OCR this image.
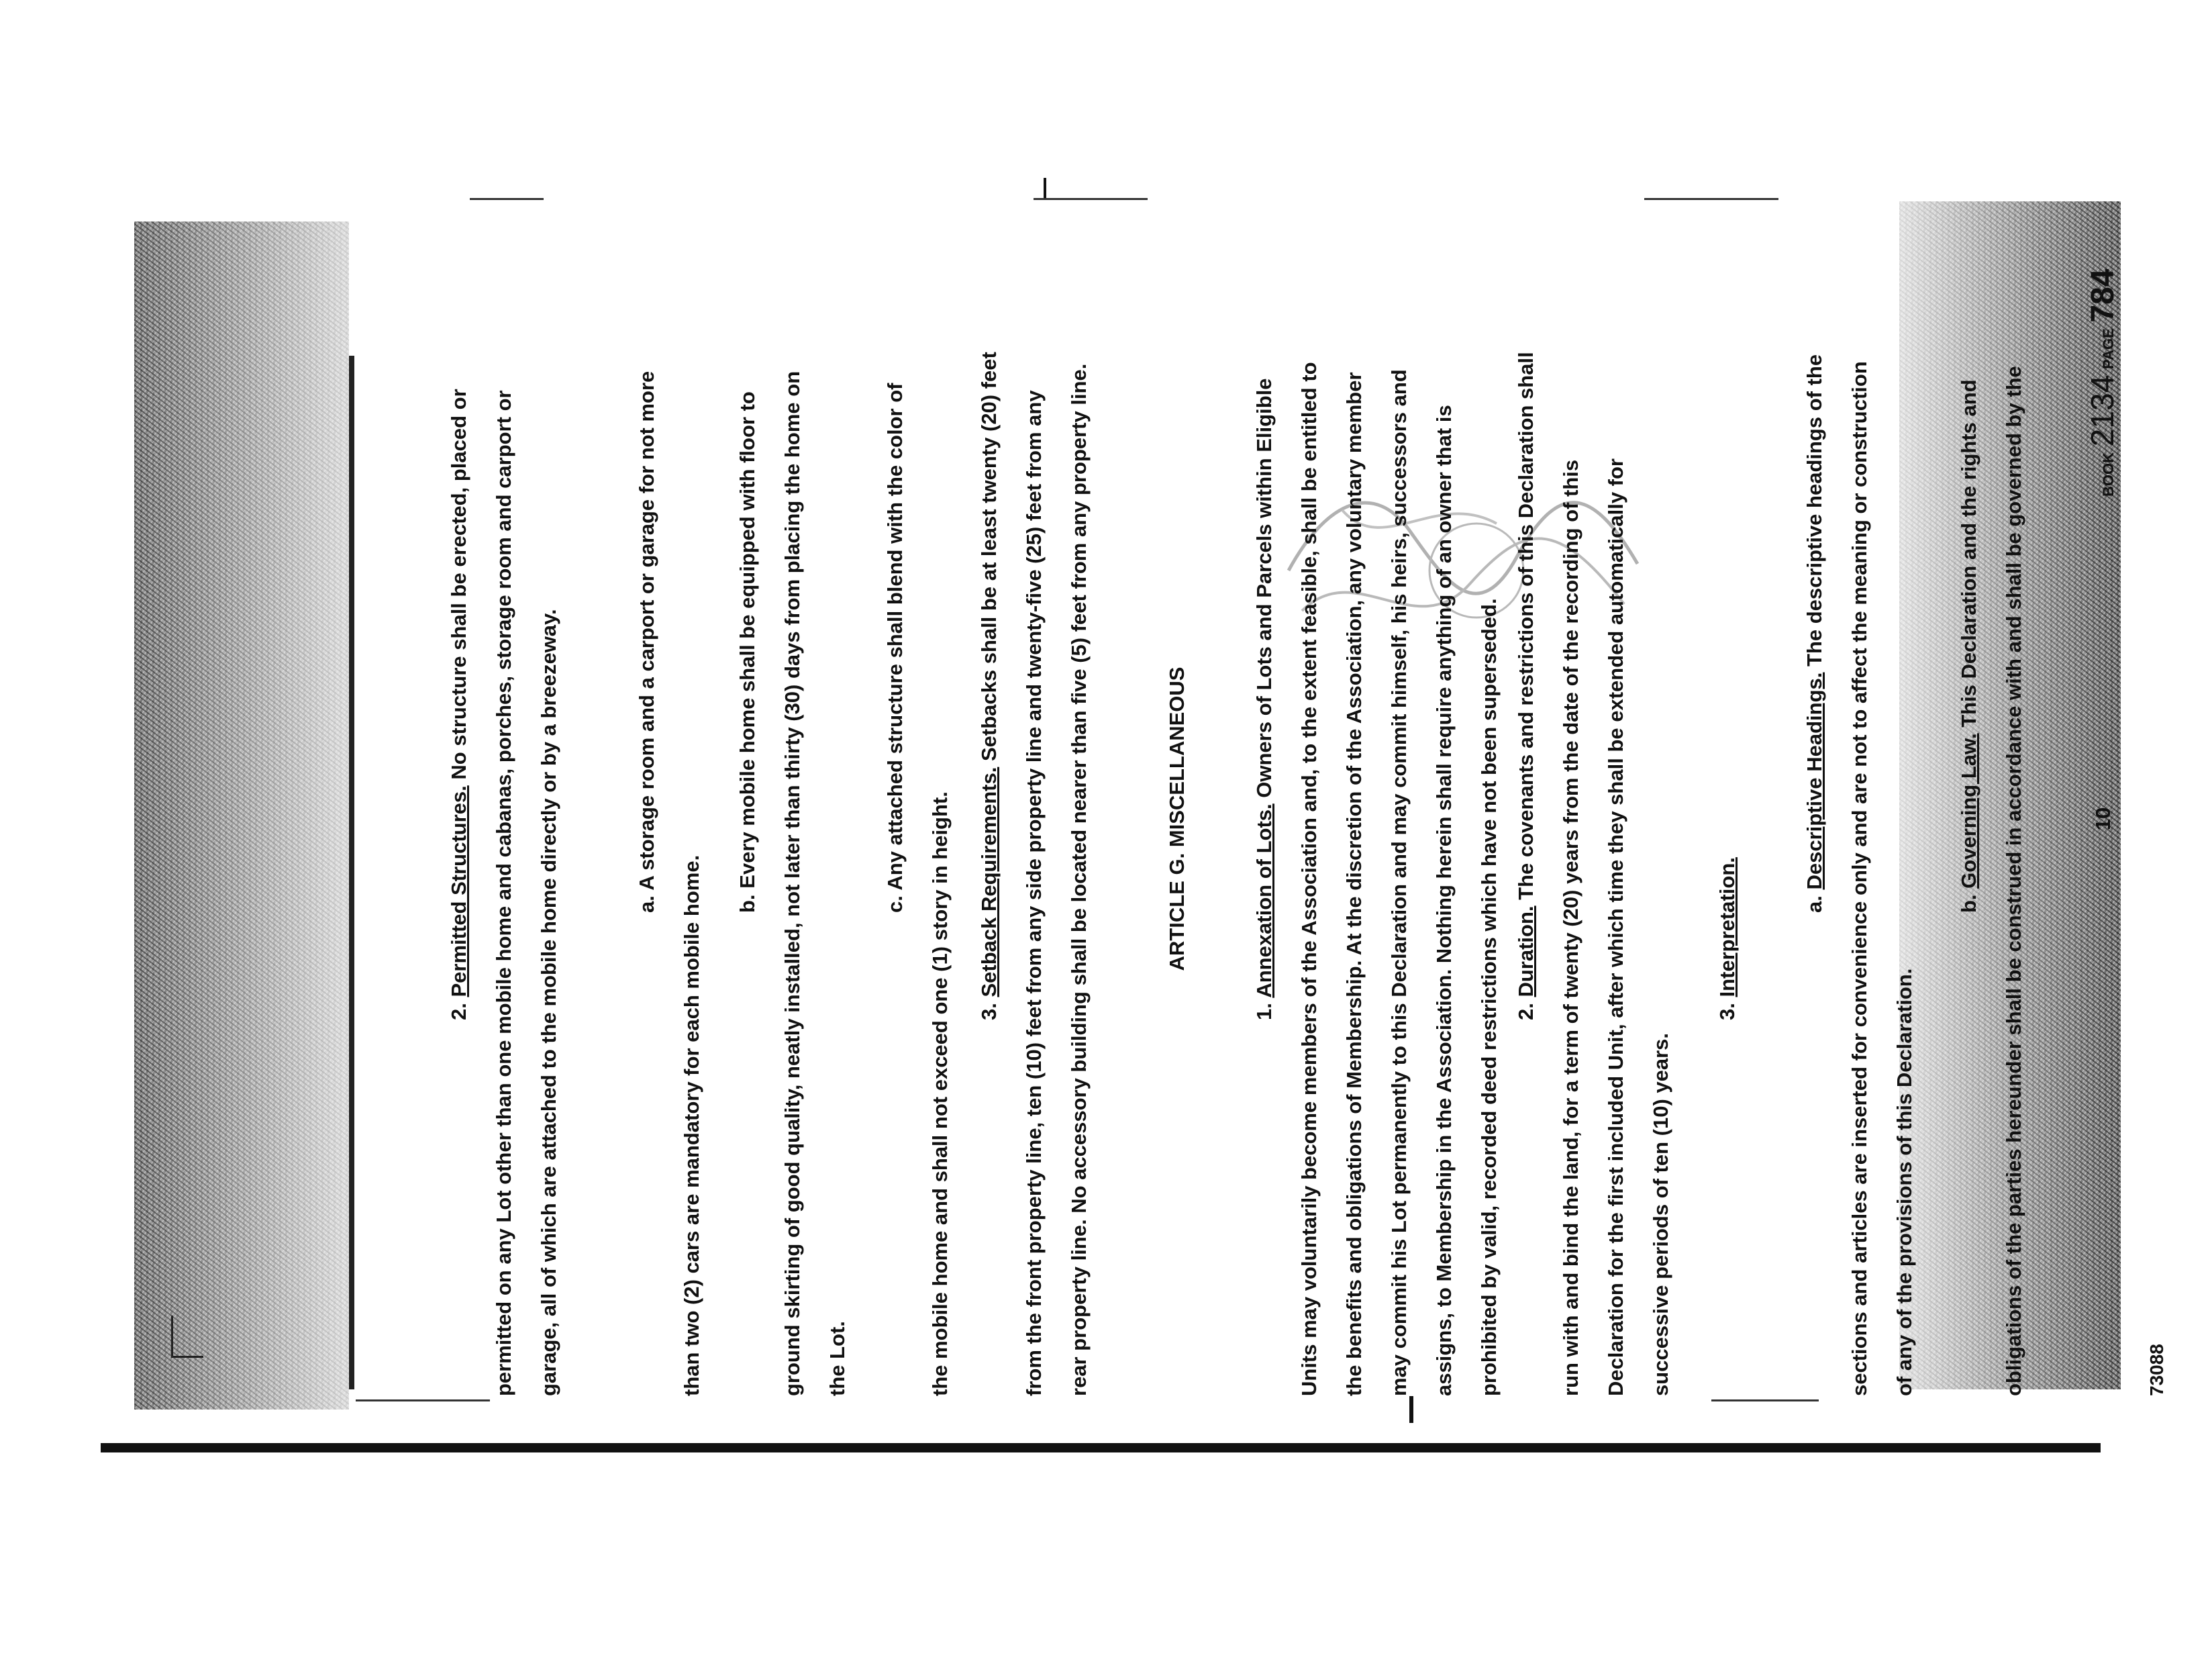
2. Permitted Structures. No structure shall be erected, placed or permitted on any Lot other than one mobile home and cabanas, porches, storage room and carport or garage, all of which are attached to the mobile home directly or by a breezeway.	a. A storage room and a carport or garage for not more than two (2) cars are mandatory for each mobile home.

b. Every mobile home shall be equipped with floor to ground skirting of good quality, neatly installed, not later than thirty (30) days from placing the home on the Lot.

c. Any attached structure shall blend with the color of the mobile home and shall not exceed one (1) story in height.	3. Setback Requirements. Setbacks shall be at least twenty (20) feet from the front property line, ten (10) feet from any side property line and twenty-five (25) feet from any rear property line. No accessory building shall be located nearer than five (5) feet from any property line.	ARTICLE G. MISCELLANEOUS

1. Annexation of Lots. Owners of Lots and Parcels within Eligible Units may voluntarily become members of the Association and, to the extent feasible, shall be entitled to the benefits and obligations of Membership. At the discretion of the Association, any voluntary member may commit his Lot permanently to this Declaration and may commit himself, his heirs, successors and assigns, to Membership in the Association. Nothing herein shall require anything of an owner that is prohibited by valid, recorded deed restrictions which have not been superseded. 2. Duration. The covenants and restrictions of this Declaration shall run with and bind the land, for a term of twenty (20) years from the date of the recording of this Declaration for the first included Unit, after which time they shall be extended automatically for successive periods of ten (10) years.

3. Interpretation.	a. Descriptive Headings. The descriptive headings of the sections and articles are inserted for convenience only and are not to affect the meaning or construction of any of the provisions of this Declaration.

b. Governing Law. This Declaration and the rights and obligations of the parties hereunder shall be construed in accordance with and shall be governed by the	10
BOOK 2134 PAGE 784
73088
